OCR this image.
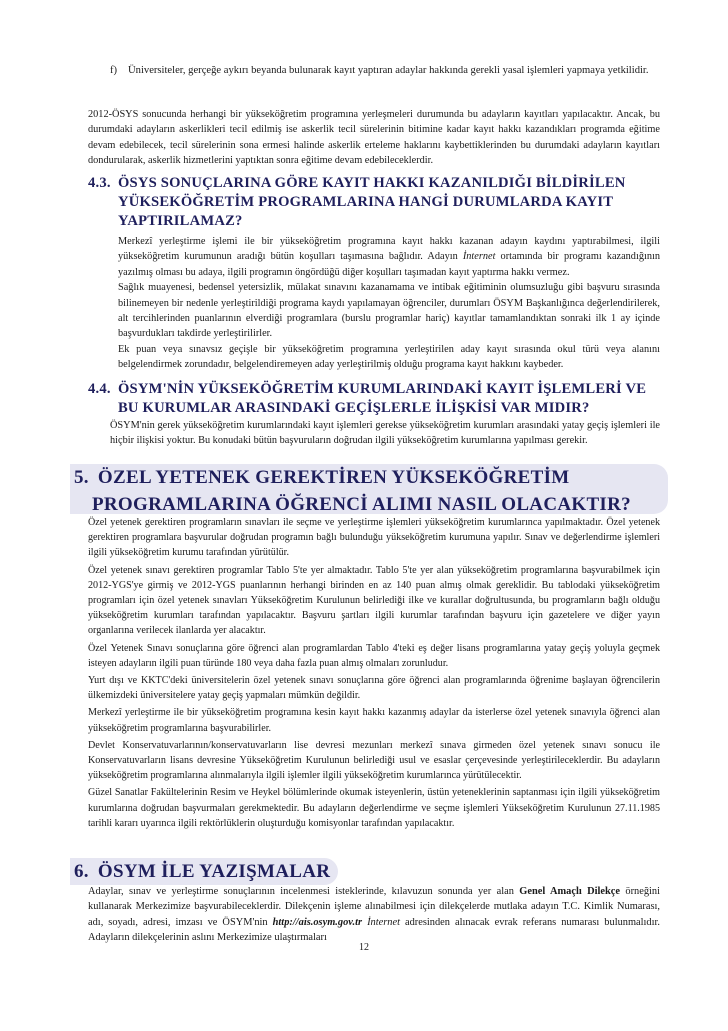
f) Üniversiteler, gerçeğe aykırı beyanda bulunarak kayıt yaptıran adaylar hakkında gerekli yasal işlemleri yapmaya yetkilidir.

2012-ÖSYS sonucunda herhangi bir yükseköğretim programına yerleşmeleri durumunda bu adayların kayıtları yapılacaktır. Ancak, bu durumdaki adayların askerlikleri tecil edilmiş ise askerlik tecil sürelerinin bitimine kadar kayıt hakkı kazandıkları programda eğitime devam edebilecek, tecil sürelerinin sona ermesi halinde askerlik erteleme haklarını kaybettiklerinden bu durumdaki adayların kayıtları dondurularak, askerlik hizmetlerini yaptıktan sonra eğitime devam edebileceklerdir.

4.3. ÖSYS SONUÇLARINA GÖRE KAYIT HAKKI KAZANILDIĞI BİLDİRİLEN YÜKSEKÖĞRETİM PROGRAMLARINA HANGİ DURUMLARDA KAYIT YAPTIRILAMAZ?

Merkezî yerleştirme işlemi ile bir yükseköğretim programına kayıt hakkı kazanan adayın kaydını yaptırabilmesi, ilgili yükseköğretim kurumunun aradığı bütün koşulları taşımasına bağlıdır. Adayın İnternet ortamında bir programı kazandığının yazılmış olması bu adaya, ilgili programın öngördüğü diğer koşulları taşımadan kayıt yaptırma hakkı vermez.

Sağlık muayenesi, bedensel yetersizlik, mülakat sınavını kazanamama ve intibak eğitiminin olumsuzluğu gibi başvuru sırasında bilinemeyen bir nedenle yerleştirildiği programa kaydı yapılamayan öğrenciler, durumları ÖSYM Başkanlığınca değerlendirilerek, alt tercihlerinden puanlarının elverdiği programlara (burslu programlar hariç) kayıtlar tamamlandıktan sonraki ilk 1 ay içinde başvurdukları takdirde yerleştirilirler.

Ek puan veya sınavsız geçişle bir yükseköğretim programına yerleştirilen aday kayıt sırasında okul türü veya alanını belgelendirmek zorundadır, belgelendiremeyen aday yerleştirilmiş olduğu programa kayıt hakkını kaybeder.

4.4. ÖSYM'NİN YÜKSEKÖĞRETİM KURUMLARINDAKİ KAYIT İŞLEMLERİ VE BU KURUMLAR ARASINDAKİ GEÇİŞLERLE İLİŞKİSİ VAR MIDIR?

ÖSYM'nin gerek yükseköğretim kurumlarındaki kayıt işlemleri gerekse yükseköğretim kurumları arasındaki yatay geçiş işlemleri ile hiçbir ilişkisi yoktur. Bu konudaki bütün başvuruların doğrudan ilgili yükseköğretim kurumlarına yapılması gerekir.

5. ÖZEL YETENEK GEREKTİREN YÜKSEKÖĞRETİM
PROGRAMLARINA ÖĞRENCİ ALIMI NASIL OLACAKTIR?

Özel yetenek gerektiren programların sınavları ile seçme ve yerleştirme işlemleri yükseköğretim kurumlarınca yapılmaktadır. Özel yetenek gerektiren programlara başvurular doğrudan programın bağlı bulunduğu yükseköğretim kurumuna yapılır. Sınav ve değerlendirme işlemleri ilgili yükseköğretim kurumu tarafından yürütülür.

Özel yetenek sınavı gerektiren programlar Tablo 5'te yer almaktadır. Tablo 5'te yer alan yükseköğretim programlarına başvurabilmek için 2012-YGS'ye girmiş ve 2012-YGS puanlarının herhangi birinden en az 140 puan almış olmak gereklidir. Bu tablodaki yükseköğretim programları için özel yetenek sınavları Yükseköğretim Kurulunun belirlediği ilke ve kurallar doğrultusunda, bu programların bağlı olduğu yükseköğretim kurumları tarafından yapılacaktır. Başvuru şartları ilgili kurumlar tarafından başvuru için gazetelere ve diğer yayın organlarına verilecek ilanlarda yer alacaktır.

Özel Yetenek Sınavı sonuçlarına göre öğrenci alan programlardan Tablo 4'teki eş değer lisans programlarına yatay geçiş yoluyla geçmek isteyen adayların ilgili puan türünde 180 veya daha fazla puan almış olmaları zorunludur.

Yurt dışı ve KKTC'deki üniversitelerin özel yetenek sınavı sonuçlarına göre öğrenci alan programlarında öğrenime başlayan öğrencilerin ülkemizdeki üniversitelere yatay geçiş yapmaları mümkün değildir.

Merkezî yerleştirme ile bir yükseköğretim programına kesin kayıt hakkı kazanmış adaylar da isterlerse özel yetenek sınavıyla öğrenci alan yükseköğretim programlarına başvurabilirler.

Devlet Konservatuvarlarının/konservatuvarların lise devresi mezunları merkezî sınava girmeden özel yetenek sınavı sonucu ile Konservatuvarların lisans devresine Yükseköğretim Kurulunun belirlediği usul ve esaslar çerçevesinde yerleştirileceklerdir. Bu adayların yükseköğretim programlarına alınmalarıyla ilgili işlemler ilgili yükseköğretim kurumlarınca yürütülecektir.

Güzel Sanatlar Fakültelerinin Resim ve Heykel bölümlerinde okumak isteyenlerin, üstün yeteneklerinin saptanması için ilgili yükseköğretim kurumlarına doğrudan başvurmaları gerekmektedir. Bu adayların değerlendirme ve seçme işlemleri Yükseköğretim Kurulunun 27.11.1985 tarihli kararı uyarınca ilgili rektörlüklerin oluşturduğu komisyonlar tarafından yapılacaktır.

6. ÖSYM İLE YAZIŞMALAR

Adaylar, sınav ve yerleştirme sonuçlarının incelenmesi isteklerinde, kılavuzun sonunda yer alan Genel Amaçlı Dilekçe örneğini kullanarak Merkezimize başvurabileceklerdir. Dilekçenin işleme alınabilmesi için dilekçelerde mutlaka adayın T.C. Kimlik Numarası, adı, soyadı, adresi, imzası ve ÖSYM'nin http://ais.osym.gov.tr İnternet adresinden alınacak evrak referans numarası bulunmalıdır. Adayların dilekçelerinin aslını Merkezimize ulaştırmaları

12
